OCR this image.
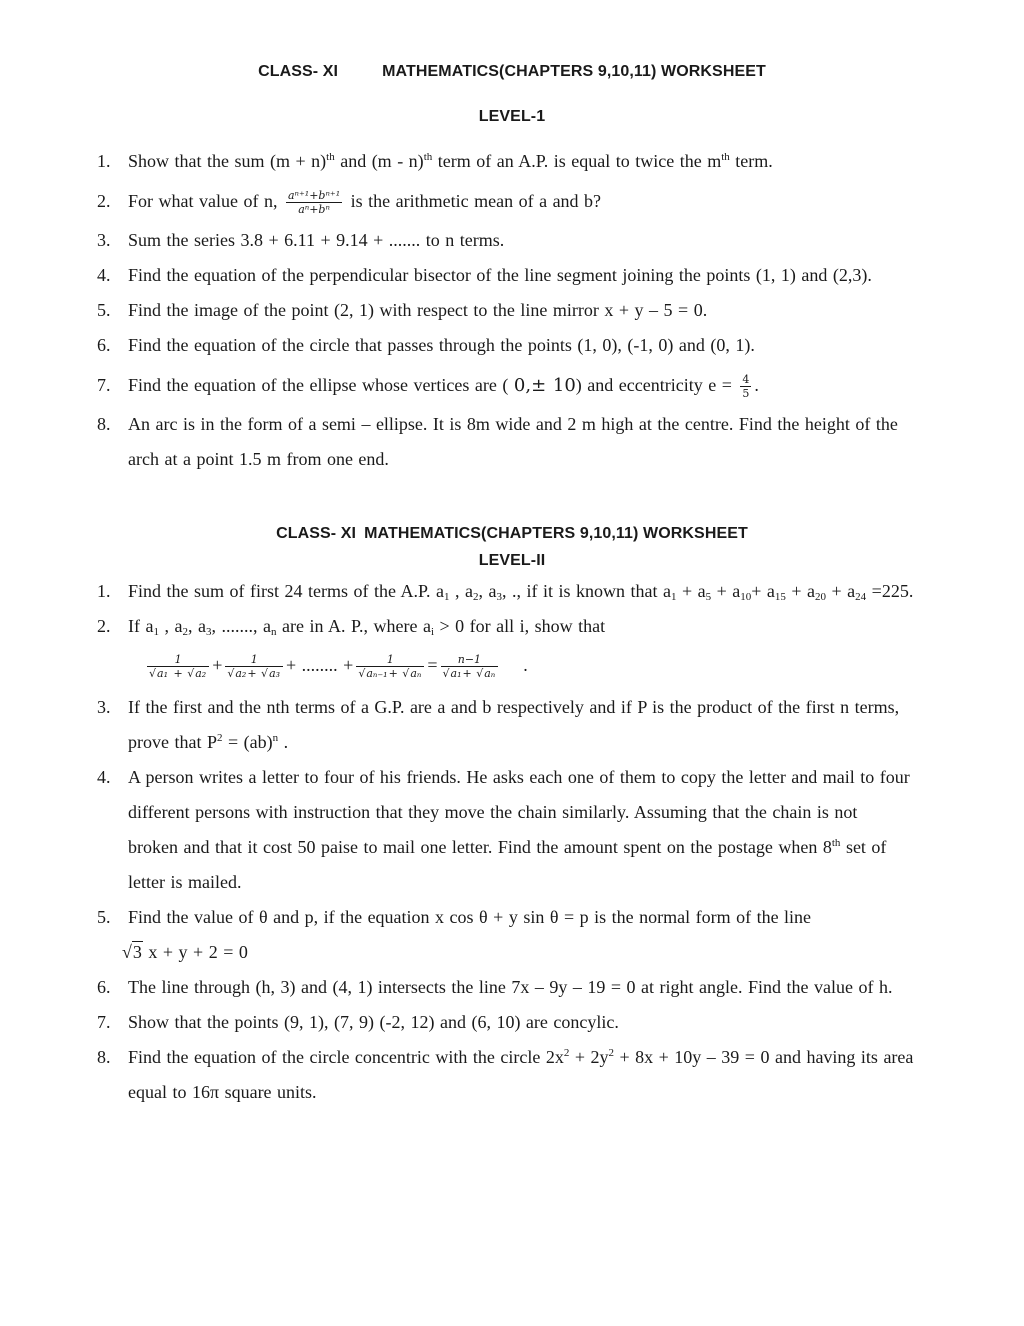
CLASS- XI	MATHEMATICS(CHAPTERS 9,10,11) WORKSHEET
LEVEL-1
1. Show that the sum $(m + n)^{th}$ and (m - n)$^{th}$ term of an A.P. is equal to twice the $m^{th}$ term.
2. For what value of n, $\frac{\text{aⁿ⁺¹+bⁿ⁺¹}}{\text{aⁿ+bⁿ}}$ is the arithmetic mean of a and b?
3. Sum the series 3.8 + 6.11 + 9.14 + ....... to n terms.
4. Find the equation of the perpendicular bisector of the line segment joining the points (1, 1) and (2,3).
5. Find the image of the point (2, 1) with respect to the line mirror x + y – 5 = 0.
6. Find the equation of the circle that passes through the points (1, 0), (-1, 0) and (0, 1).
7. Find the equation of the ellipse whose vertices are ( 0,± 10) and eccentricity $e = \frac{4}{5}$ .
8. An arc is in the form of a semi – ellipse. It is 8m wide and 2 m high at the centre. Find the height of the
arch at a point 1.5 m from one end.
CLASS- XI MATHEMATICS(CHAPTERS 9,10,11) WORKSHEET
LEVEL-II
1. Find the sum of first 24 terms of the A.P. $a_1$ , $a_2$, $a_3$, ., if it is known that $a_1 + a_5 + a_{10}+ a_{15} + a_{20} + a_{24} =225$.
2. If $a_1$ , $a_2$, $a_3$, ......., $a_n$ are in A. P., where $a_i > 0$ for all i, show that
$\frac{1}{\text{√a₁ + √a₂}} + \frac{1}{\text{√a₂+ √a₃}}$ + ........ + $\frac{1}{\text{√aₙ₋₁+ √aₙ}} = \frac{n-1}{\text{√a₁+ √aₙ}}$ .
3. If the first and the nth terms of a G.P. are a and b respectively and if P is the product of the first n terms,
prove that $P^2 = (ab)^n$ .
4. A person writes a letter to four of his friends. He asks each one of them to copy the letter and mail to four
different persons with instruction that they move the chain similarly. Assuming that the chain is not
broken and that it cost 50 paise to mail one letter. Find the amount spent on the postage when 8th set of
letter is mailed.
5. Find the value of θ and p, if the equation x cos θ + y sin θ = p is the normal form of the line
√3 x + y + 2 = 0
6. The line through (h, 3) and (4, 1) intersects the line 7x – 9y – 19 = 0 at right angle. Find the value of h.
7. Show that the points (9, 1), (7, 9) (-2, 12) and (6, 10) are concylic.
8. Find the equation of the circle concentric with the circle $2x^2 + 2y^2 + 8x + 10y - 39 = 0$ and having its area
equal to 16π square units.
